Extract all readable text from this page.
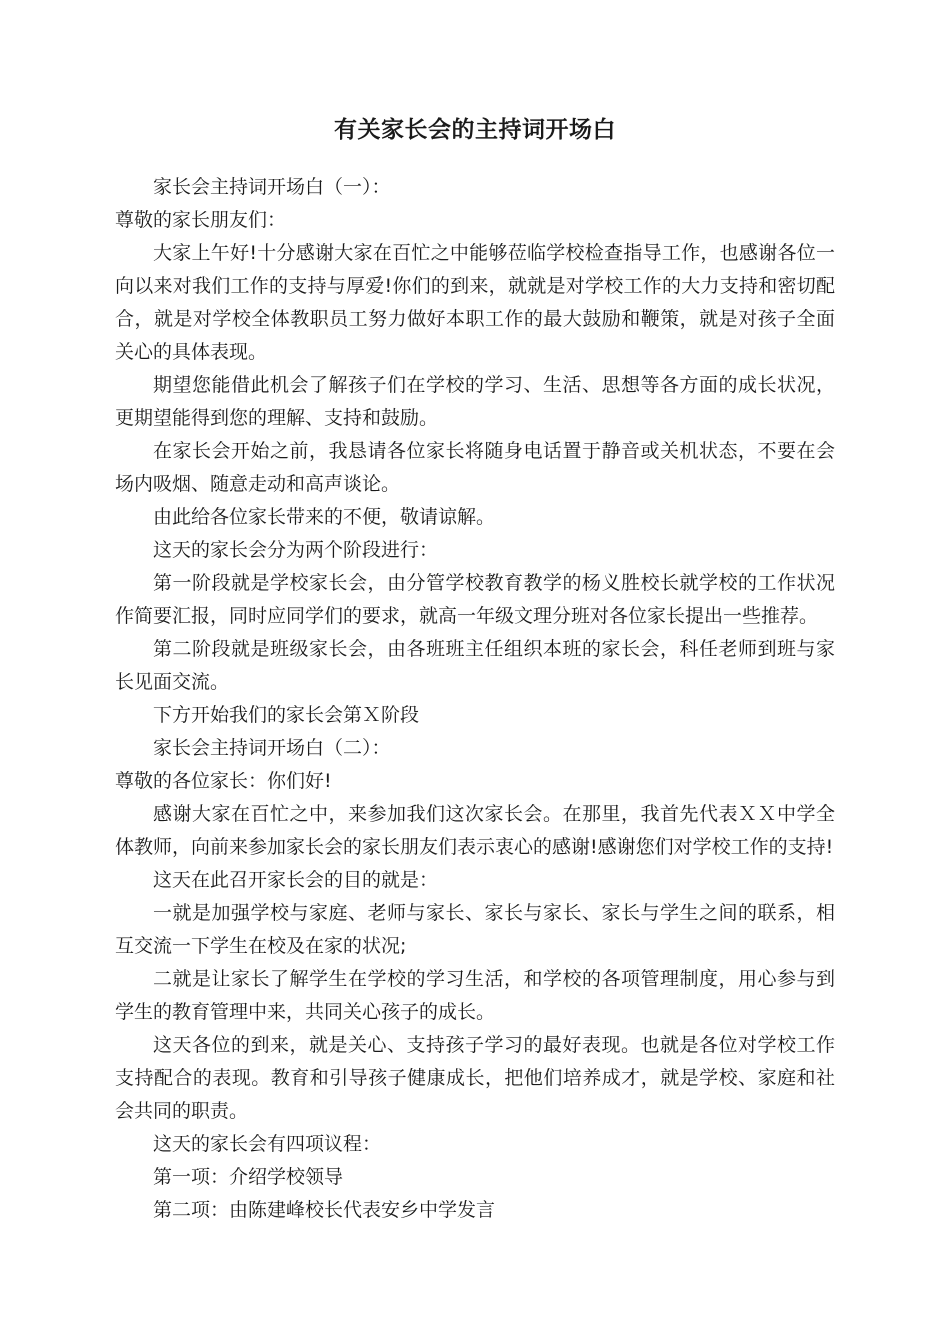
有关家长会的主持词开场白

家长会主持词开场白（一）：

尊敬的家长朋友们：

大家上午好!十分感谢大家在百忙之中能够莅临学校检查指导工作，也感谢各位一向以来对我们工作的支持与厚爱!你们的到来，就就是对学校工作的大力支持和密切配合，就是对学校全体教职员工努力做好本职工作的最大鼓励和鞭策，就是对孩子全面关心的具体表现。

期望您能借此机会了解孩子们在学校的学习、生活、思想等各方面的成长状况，更期望能得到您的理解、支持和鼓励。

在家长会开始之前，我恳请各位家长将随身电话置于静音或关机状态，不要在会场内吸烟、随意走动和高声谈论。

由此给各位家长带来的不便，敬请谅解。

这天的家长会分为两个阶段进行：

第一阶段就是学校家长会，由分管学校教育教学的杨义胜校长就学校的工作状况作简要汇报，同时应同学们的要求，就高一年级文理分班对各位家长提出一些推荐。

第二阶段就是班级家长会，由各班班主任组织本班的家长会，科任老师到班与家长见面交流。

下方开始我们的家长会第Ｘ阶段

家长会主持词开场白（二）：

尊敬的各位家长：你们好!

感谢大家在百忙之中，来参加我们这次家长会。在那里，我首先代表ＸＸ中学全体教师，向前来参加家长会的家长朋友们表示衷心的感谢!感谢您们对学校工作的支持!

这天在此召开家长会的目的就是：

一就是加强学校与家庭、老师与家长、家长与家长、家长与学生之间的联系，相互交流一下学生在校及在家的状况;

二就是让家长了解学生在学校的学习生活，和学校的各项管理制度，用心参与到学生的教育管理中来，共同关心孩子的成长。

这天各位的到来，就是关心、支持孩子学习的最好表现。也就是各位对学校工作支持配合的表现。教育和引导孩子健康成长，把他们培养成才，就是学校、家庭和社会共同的职责。

这天的家长会有四项议程：

第一项：介绍学校领导

第二项：由陈建峰校长代表安乡中学发言
